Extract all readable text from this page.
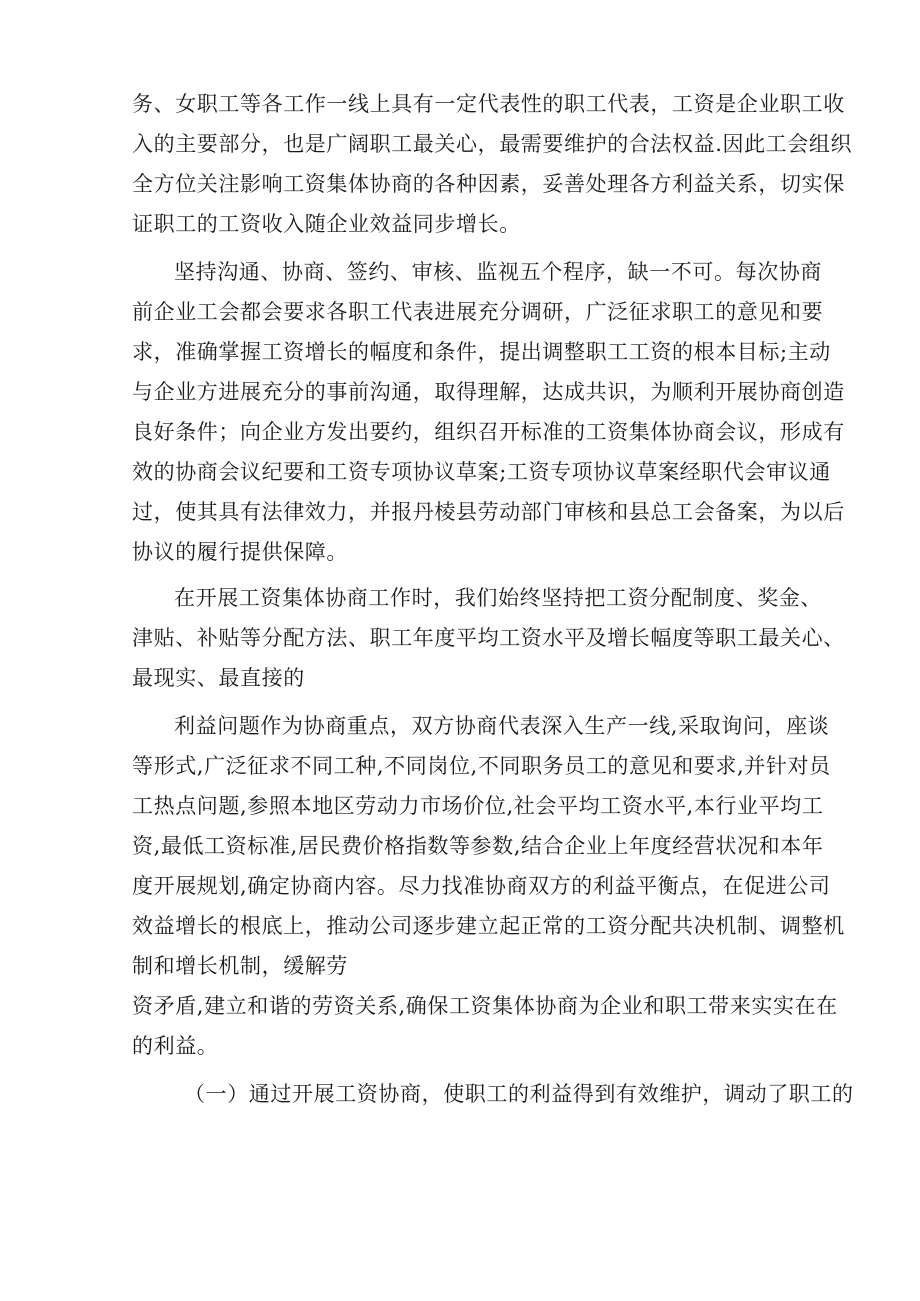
务、女职工等各工作一线上具有一定代表性的职工代表，工资是企业职工收
入的主要部分，也是广阔职工最关心，最需要维护的合法权益.因此工会组织
全方位关注影响工资集体协商的各种因素，妥善处理各方利益关系，切实保
证职工的工资收入随企业效益同步增长。
坚持沟通、协商、签约、审核、监视五个程序，缺一不可。每次协商
前企业工会都会要求各职工代表进展充分调研，广泛征求职工的意见和要
求，准确掌握工资增长的幅度和条件，提出调整职工工资的根本目标;主动
与企业方进展充分的事前沟通，取得理解，达成共识，为顺利开展协商创造
良好条件；向企业方发出要约，组织召开标准的工资集体协商会议，形成有
效的协商会议纪要和工资专项协议草案;工资专项协议草案经职代会审议通
过，使其具有法律效力，并报丹棱县劳动部门审核和县总工会备案，为以后
协议的履行提供保障。
在开展工资集体协商工作时，我们始终坚持把工资分配制度、奖金、
津贴、补贴等分配方法、职工年度平均工资水平及增长幅度等职工最关心、
最现实、最直接的
利益问题作为协商重点，双方协商代表深入生产一线,采取询问，座谈
等形式,广泛征求不同工种,不同岗位,不同职务员工的意见和要求,并针对员
工热点问题,参照本地区劳动力市场价位,社会平均工资水平,本行业平均工
资,最低工资标准,居民费价格指数等参数,结合企业上年度经营状况和本年
度开展规划,确定协商内容。尽力找准协商双方的利益平衡点，在促进公司
效益增长的根底上，推动公司逐步建立起正常的工资分配共决机制、调整机
制和增长机制，缓解劳
资矛盾,建立和谐的劳资关系,确保工资集体协商为企业和职工带来实实在在
的利益。
（一）通过开展工资协商，使职工的利益得到有效维护，调动了职工的
